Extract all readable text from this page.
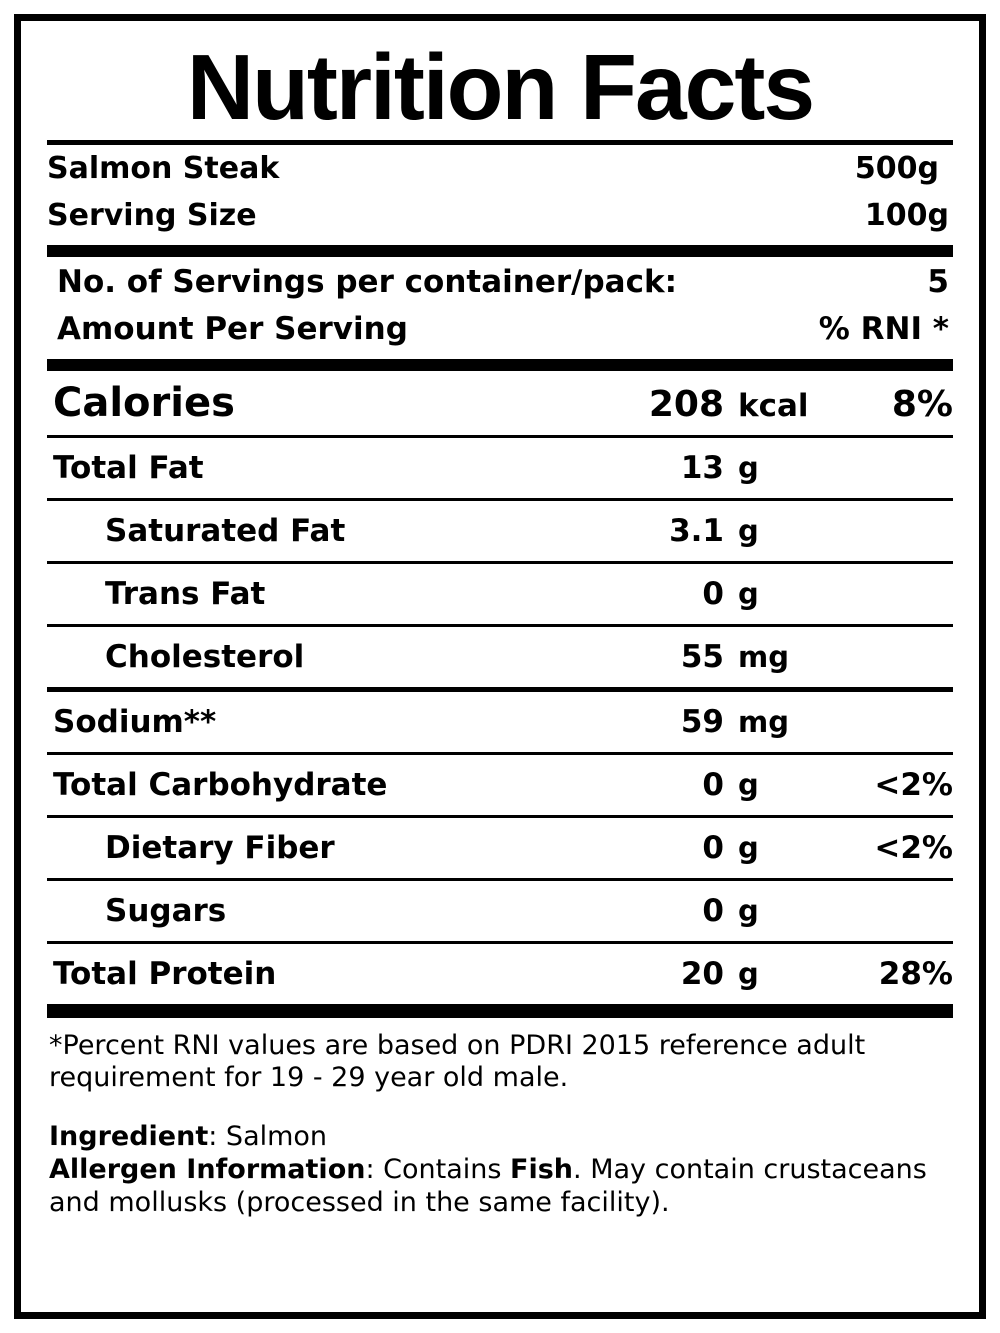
Nutrition Facts
Salmon Steak	500g
Serving Size	100g
No. of Servings per container/pack:	5
Amount Per Serving	% RNI *
Calories	208 kcal	8%
Total Fat	13 g
Saturated Fat	3.1 g
Trans Fat	0 g
Cholesterol	55 mg
Sodium**	59 mg
Total Carbohydrate	0 g	<2%
Dietary Fiber	0 g	<2%
Sugars	0 g
Total Protein	20 g	28%
*Percent RNI values are based on PDRI 2015 reference adult requirement for 19 - 29 year old male.
Ingredient: Salmon
Allergen Information: Contains Fish. May contain crustaceans and mollusks (processed in the same facility).
